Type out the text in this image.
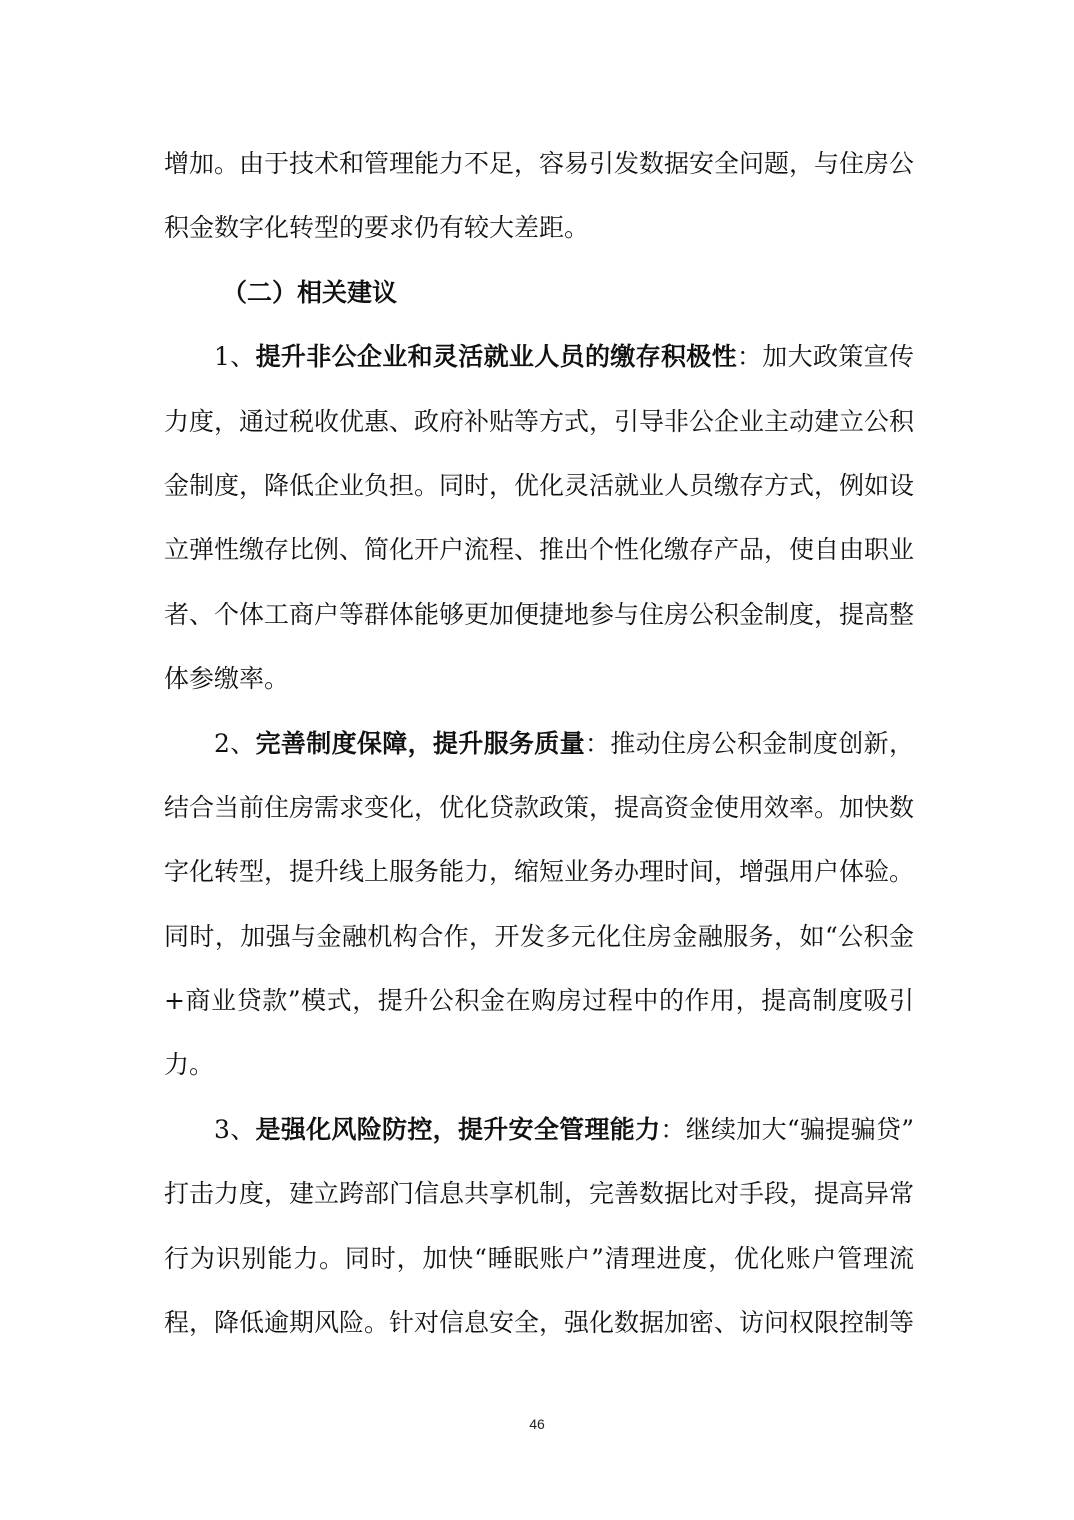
增加。由于技术和管理能力不足，容易引发数据安全问题，与住房公
积金数字化转型的要求仍有较大差距。
（二）相关建议
1、提升非公企业和灵活就业人员的缴存积极性：加大政策宣传
力度，通过税收优惠、政府补贴等方式，引导非公企业主动建立公积
金制度，降低企业负担。同时，优化灵活就业人员缴存方式，例如设
立弹性缴存比例、简化开户流程、推出个性化缴存产品，使自由职业
者、个体工商户等群体能够更加便捷地参与住房公积金制度，提高整
体参缴率。
2、完善制度保障，提升服务质量：推动住房公积金制度创新，
结合当前住房需求变化，优化贷款政策，提高资金使用效率。加快数
字化转型，提升线上服务能力，缩短业务办理时间，增强用户体验。
同时，加强与金融机构合作，开发多元化住房金融服务，如“公积金
+商业贷款”模式，提升公积金在购房过程中的作用，提高制度吸引
力。
3、是强化风险防控，提升安全管理能力：继续加大“骗提骗贷”
打击力度，建立跨部门信息共享机制，完善数据比对手段，提高异常
行为识别能力。同时，加快“睡眠账户”清理进度，优化账户管理流
程，降低逾期风险。针对信息安全，强化数据加密、访问权限控制等
46
